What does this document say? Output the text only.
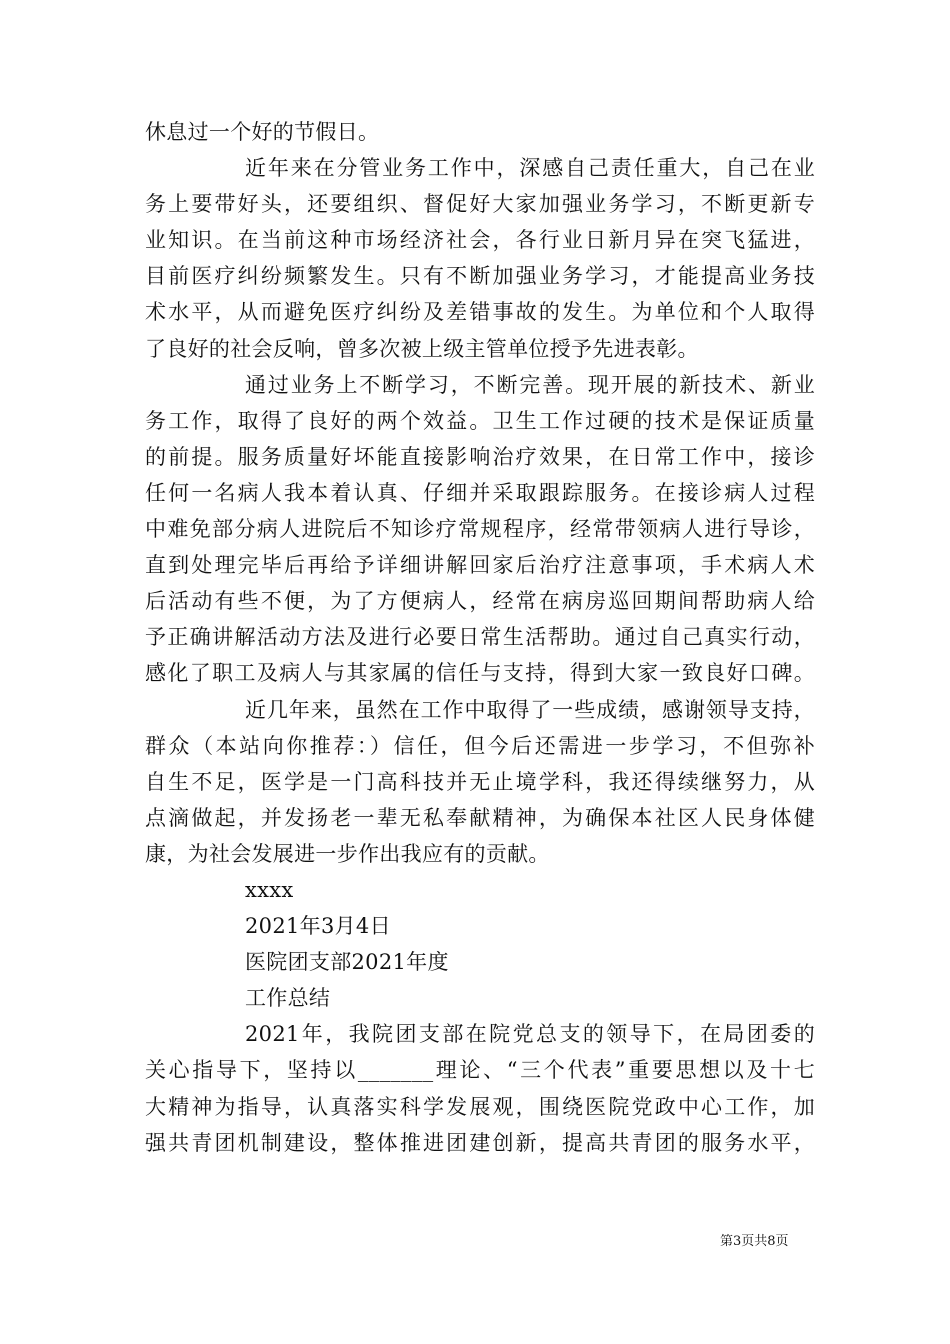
休息过一个好的节假日。
近年来在分管业务工作中，深感自己责任重大，自己在业
务上要带好头，还要组织、督促好大家加强业务学习，不断更新专
业知识。在当前这种市场经济社会，各行业日新月异在突飞猛进，
目前医疗纠纷频繁发生。只有不断加强业务学习，才能提高业务技
术水平，从而避免医疗纠纷及差错事故的发生。为单位和个人取得
了良好的社会反响，曾多次被上级主管单位授予先进表彰。
通过业务上不断学习，不断完善。现开展的新技术、新业
务工作，取得了良好的两个效益。卫生工作过硬的技术是保证质量
的前提。服务质量好坏能直接影响治疗效果，在日常工作中，接诊
任何一名病人我本着认真、仔细并采取跟踪服务。在接诊病人过程
中难免部分病人进院后不知诊疗常规程序，经常带领病人进行导诊，
直到处理完毕后再给予详细讲解回家后治疗注意事项，手术病人术
后活动有些不便，为了方便病人，经常在病房巡回期间帮助病人给
予正确讲解活动方法及进行必要日常生活帮助。通过自己真实行动，
感化了职工及病人与其家属的信任与支持，得到大家一致良好口碑。
近几年来，虽然在工作中取得了一些成绩，感谢领导支持，
群众（本站向你推荐：）信任，但今后还需进一步学习，不但弥补
自生不足，医学是一门高科技并无止境学科，我还得续继努力，从
点滴做起，并发扬老一辈无私奉献精神，为确保本社区人民身体健
康，为社会发展进一步作出我应有的贡献。
xxxx
2021年3月4日
医院团支部2021年度
工作总结
2021年，我院团支部在院党总支的领导下，在局团委的
关心指导下，坚持以_______理论、“三个代表”重要思想以及十七
大精神为指导，认真落实科学发展观，围绕医院党政中心工作，加
强共青团机制建设，整体推进团建创新，提高共青团的服务水平，
第3页共8页
